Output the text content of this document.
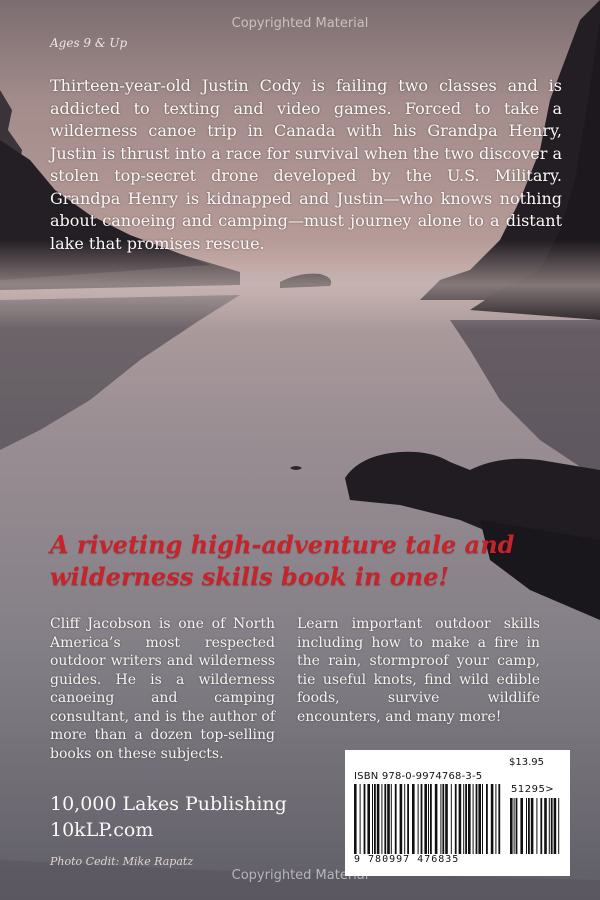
Copyrighted Material
Ages 9 & Up
Thirteen-year-old Justin Cody is failing two classes and is addicted to texting and video games. Forced to take a wilderness canoe trip in Canada with his Grandpa Henry, Justin is thrust into a race for survival when the two discover a stolen top-secret drone developed by the U.S. Military. Grandpa Henry is kidnapped and Justin—who knows nothing about canoeing and camping—must journey alone to a distant lake that promises rescue.
A riveting high-adventure tale and wilderness skills book in one!
Cliff Jacobson is one of North America’s most respected outdoor writers and wilderness guides. He is a wilderness canoeing and camping consultant, and is the author of more than a dozen top-selling books on these subjects.
Learn important outdoor skills including how to make a fire in the rain, stormproof your camp, tie useful knots, find wild edible foods, survive wildlife encounters, and many more!
10,000 Lakes Publishing
10kLP.com
Photo Cedit: Mike Rapatz
$13.95
ISBN 978-0-9974768-3-5
51295>
9 780997 476835
Copyrighted Material
